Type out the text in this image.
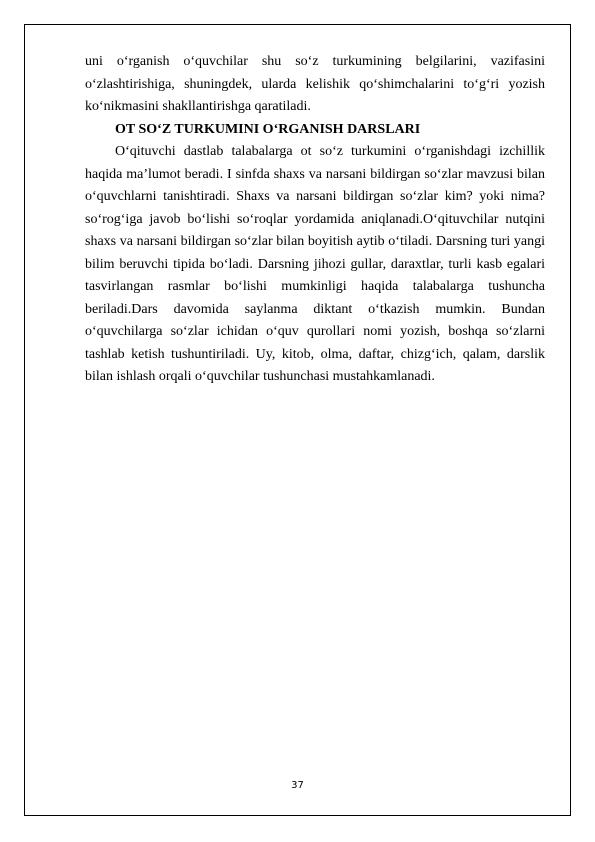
uni o‘rganish o‘quvchilar shu so‘z turkumining belgilarini, vazifasini o‘zlashtirishiga, shuningdek, ularda kelishik qo‘shimchalarini to‘g‘ri yozish ko‘nikmasini shakllantirishga qaratiladi.

OT SO‘Z TURKUMINI O‘RGANISH DARSLARI

O‘qituvchi dastlab talabalarga ot so‘z turkumini o‘rganishdagi izchillik haqida ma’lumot beradi. I sinfda shaxs va narsani bildirgan so‘zlar mavzusi bilan o‘quvchlarni tanishtiradi. Shaxs va narsani bildirgan so‘zlar kim? yoki nima? so‘rog‘iga javob bo‘lishi so‘roqlar yordamida aniqlanadi.O‘qituvchilar nutqini shaxs va narsani bildirgan so‘zlar bilan boyitish aytib o‘tiladi. Darsning turi yangi bilim beruvchi tipida bo‘ladi. Darsning jihozi gullar, daraxtlar, turli kasb egalari tasvirlangan rasmlar bo‘lishi mumkinligi haqida talabalarga tushuncha beriladi.Dars davomida saylanma diktant o‘tkazish mumkin. Bundan o‘quvchilarga so‘zlar ichidan o‘quv qurollari nomi yozish, boshqa so‘zlarni tashlab ketish tushuntiriladi. Uy, kitob, olma, daftar, chizg‘ich, qalam, darslik bilan ishlash orqali o‘quvchilar tushunchasi mustahkamlanadi.

37
